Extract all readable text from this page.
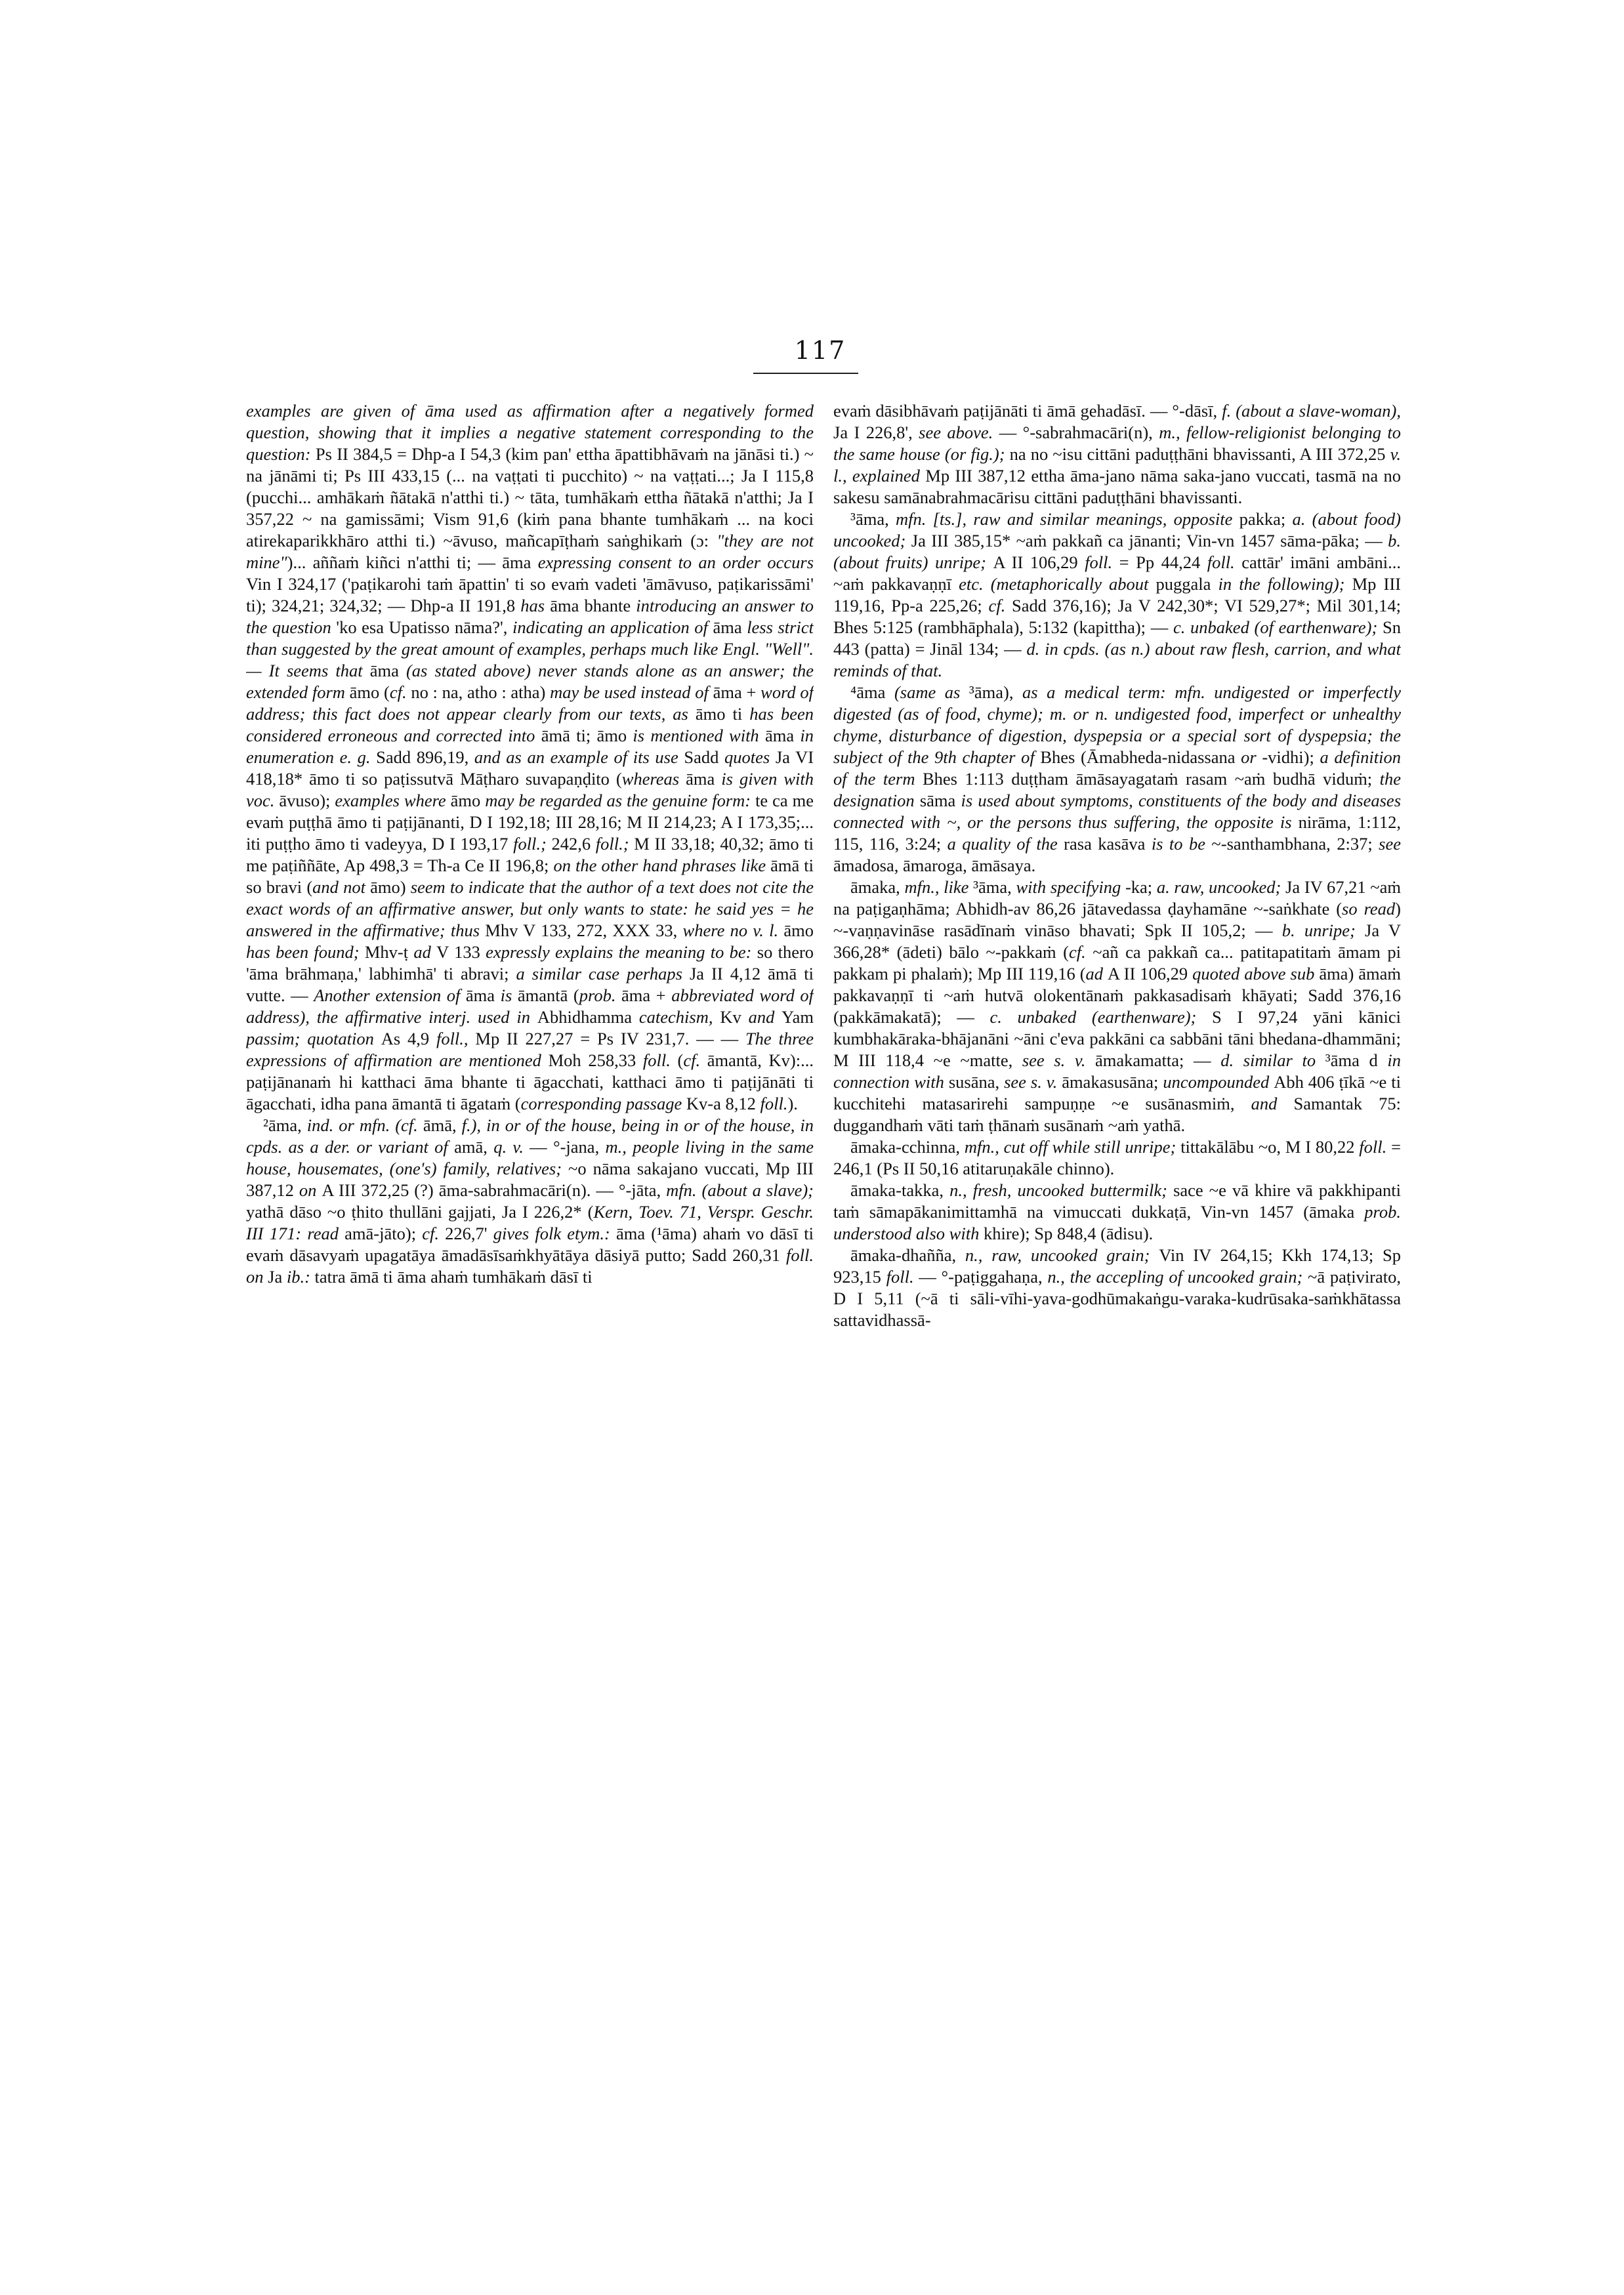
117

examples are given of āma used as affirmation after a negatively formed question, showing that it implies a negative statement corresponding to the question: Ps II 384,5 = Dhp-a I 54,3 (kim pan' ettha āpattibhāvaṁ na jānāsi ti.) ~ na jānāmi ti; Ps III 433,15 (... na vaṭṭati ti pucchito) ~ na vaṭṭati...; Ja I 115,8 (pucchi... amhākaṁ ñātakā n'atthi ti.) ~ tāta, tumhākaṁ ettha ñātakā n'atthi; Ja I 357,22 ~ na gamissāmi; Vism 91,6 (kiṁ pana bhante tumhākaṁ ... na koci atirekaparikkhāro atthi ti.) ~āvuso, mañcapīṭhaṁ saṅghikaṁ (ɔ: "they are not mine")... aññaṁ kiñci n'atthi ti; — āma expressing consent to an order occurs Vin I 324,17 ('paṭikarohi taṁ āpattin' ti so evaṁ vadeti 'āmāvuso, paṭikarissāmi' ti); 324,21; 324,32; — Dhp-a II 191,8 has āma bhante introducing an answer to the question 'ko esa Upatisso nāma?', indicating an application of āma less strict than suggested by the great amount of examples, perhaps much like Engl. "Well". — It seems that āma (as stated above) never stands alone as an answer; the extended form āmo (cf. no : na, atho : atha) may be used instead of āma + word of address; this fact does not appear clearly from our texts, as āmo ti has been considered erroneous and corrected into āmā ti; āmo is mentioned with āma in enumeration e. g. Sadd 896,19, and as an example of its use Sadd quotes Ja VI 418,18* āmo ti so paṭissutvā Māṭharo suvapaṇḍito (whereas āma is given with voc. āvuso); examples where āmo may be regarded as the genuine form: te ca me evaṁ puṭṭhā āmo ti paṭijānanti, D I 192,18; III 28,16; M II 214,23; A I 173,35;... iti puṭṭho āmo ti vadeyya, D I 193,17 foll.; 242,6 foll.; M II 33,18; 40,32; āmo ti me paṭiññāte, Ap 498,3 = Th-a Ce II 196,8; on the other hand phrases like āmā ti so bravi (and not āmo) seem to indicate that the author of a text does not cite the exact words of an affirmative answer, but only wants to state: he said yes = he answered in the affirmative; thus Mhv V 133, 272, XXX 33, where no v. l. āmo has been found; Mhv-ṭ ad V 133 expressly explains the meaning to be: so thero 'āma brāhmaṇa,' labhimhā' ti abravi; a similar case perhaps Ja II 4,12 āmā ti vutte. — Another extension of āma is āmantā (prob. āma + abbreviated word of address), the affirmative interj. used in Abhidhamma catechism, Kv and Yam passim; quotation As 4,9 foll., Mp II 227,27 = Ps IV 231,7. — — The three expressions of affirmation are mentioned Moh 258,33 foll. (cf. āmantā, Kv):... paṭijānanaṁ hi katthaci āma bhante ti āgacchati, katthaci āmo ti paṭijānāti ti āgacchati, idha pana āmantā ti āgataṁ (corresponding passage Kv-a 8,12 foll.).

²āma, ind. or mfn. (cf. āmā, f.), in or of the house, being in or of the house, in cpds. as a der. or variant of amā, q. v. — °-jana, m., people living in the same house, housemates, (one's) family, relatives; ~o nāma sakajano vuccati, Mp III 387,12 on A III 372,25 (?) āma-sabrahmacāri(n). — °-jāta, mfn. (about a slave); yathā dāso ~o ṭhito thullāni gajjati, Ja I 226,2* (Kern, Toev. 71, Verspr. Geschr. III 171: read amā-jāto); cf. 226,7' gives folk etym.: āma (¹āma) ahaṁ vo dāsī ti evaṁ dāsavyaṁ upagatāya āmadāsīsaṁkhyātāya dāsiyā putto; Sadd 260,31 foll. on Ja ib.: tatra āmā ti āma ahaṁ tumhākaṁ dāsī ti

evaṁ dāsibhāvaṁ paṭijānāti ti āmā gehadāsī. — °-dāsī, f. (about a slave-woman), Ja I 226,8', see above. — °-sabrahmacāri(n), m., fellow-religionist belonging to the same house (or fig.); na no ~isu cittāni paduṭṭhāni bhavissanti, A III 372,25 v. l., explained Mp III 387,12 ettha āma-jano nāma saka-jano vuccati, tasmā na no sakesu samānabrahmacārisu cittāni paduṭṭhāni bhavissanti.

³āma, mfn. [ts.], raw and similar meanings, opposite pakka; a. (about food) uncooked; Ja III 385,15* ~aṁ pakkañ ca jānanti; Vin-vn 1457 sāma-pāka; — b. (about fruits) unripe; A II 106,29 foll. = Pp 44,24 foll. cattār' imāni ambāni... ~aṁ pakkavaṇṇī etc. (metaphorically about puggala in the following); Mp III 119,16, Pp-a 225,26; cf. Sadd 376,16); Ja V 242,30*; VI 529,27*; Mil 301,14; Bhes 5:125 (rambhāphala), 5:132 (kapittha); — c. unbaked (of earthenware); Sn 443 (patta) = Jināl 134; — d. in cpds. (as n.) about raw flesh, carrion, and what reminds of that.

⁴āma (same as ³āma), as a medical term: mfn. undigested or imperfectly digested (as of food, chyme); m. or n. undigested food, imperfect or unhealthy chyme, disturbance of digestion, dyspepsia or a special sort of dyspepsia; the subject of the 9th chapter of Bhes (Āmabheda-nidassana or -vidhi); a definition of the term Bhes 1:113 duṭṭham āmāsayagataṁ rasam ~aṁ budhā viduṁ; the designation sāma is used about symptoms, constituents of the body and diseases connected with ~, or the persons thus suffering, the opposite is nirāma, 1:112, 115, 116, 3:24; a quality of the rasa kasāva is to be ~-santhambhana, 2:37; see āmadosa, āmaroga, āmāsaya.

āmaka, mfn., like ³āma, with specifying -ka; a. raw, uncooked; Ja IV 67,21 ~aṁ na paṭigaṇhāma; Abhidh-av 86,26 jātavedassa ḍayhamāne ~-saṅkhate (so read) ~-vaṇṇavināse rasādīnaṁ vināso bhavati; Spk II 105,2; — b. unripe; Ja V 366,28* (ādeti) bālo ~-pakkaṁ (cf. ~añ ca pakkañ ca... patitapatitaṁ āmam pi pakkam pi phalaṁ); Mp III 119,16 (ad A II 106,29 quoted above sub āma) āmaṁ pakkavaṇṇī ti ~aṁ hutvā olokentānaṁ pakkasadisaṁ khāyati; Sadd 376,16 (pakkāmakatā); — c. unbaked (earthenware); S I 97,24 yāni kānici kumbhakāraka-bhājanāni ~āni c'eva pakkāni ca sabbāni tāni bhedana-dhammāni; M III 118,4 ~e ~matte, see s. v. āmakamatta; — d. similar to ³āma d in connection with susāna, see s. v. āmakasusāna; uncompounded Abh 406 ṭīkā ~e ti kucchitehi matasarirehi sampuṇṇe ~e susānasmiṁ, and Samantak 75: duggandhaṁ vāti taṁ ṭhānaṁ susānaṁ ~aṁ yathā.

āmaka-cchinna, mfn., cut off while still unripe; tittakālābu ~o, M I 80,22 foll. = 246,1 (Ps II 50,16 atitaruṇakāle chinno).

āmaka-takka, n., fresh, uncooked buttermilk; sace ~e vā khire vā pakkhipanti taṁ sāmapākanimittamhā na vimuccati dukkaṭā, Vin-vn 1457 (āmaka prob. understood also with khire); Sp 848,4 (ādisu).

āmaka-dhañña, n., raw, uncooked grain; Vin IV 264,15; Kkh 174,13; Sp 923,15 foll. — °-paṭiggahaṇa, n., the accepling of uncooked grain; ~ā paṭivirato, D I 5,11 (~ā ti sāli-vīhi-yava-godhūmakaṅgu-varaka-kudrūsaka-saṁkhātassa sattavidhassā-
